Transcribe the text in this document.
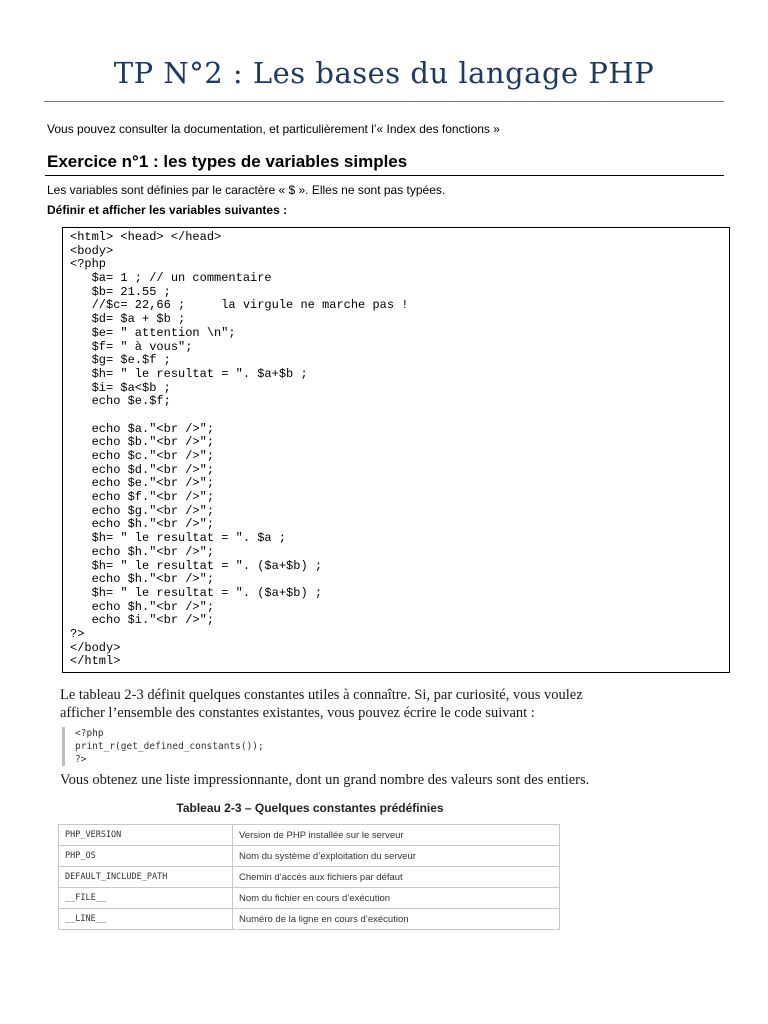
TP N°2 : Les bases du langage PHP
Vous pouvez consulter la documentation, et particulièrement l’« Index des fonctions »
Exercice n°1 : les types de variables simples
Les variables sont définies par le caractère « $ ». Elles ne sont pas typées.
Définir et afficher les variables suivantes :
<html> <head> </head>
<body>
<?php
$a= 1 ; // un commentaire
$b= 21.55 ;
//$c= 22,66 ;     la virgule ne marche pas !
$d= $a + $b ;
$e= " attention \n";
$f= " à vous";
$g= $e.$f ;
$h= " le resultat = ". $a+$b ;
$i= $a<$b ;
echo $e.$f;
echo $a."<br />";
echo $b."<br />";
echo $c."<br />";
echo $d."<br />";
echo $e."<br />";
echo $f."<br />";
echo $g."<br />";
echo $h."<br />";
$h= " le resultat = ". $a ;
echo $h."<br />";
$h= " le resultat = ". ($a+$b) ;
echo $h."<br />";
$h= " le resultat = ". ($a+$b) ;
echo $h."<br />";
echo $i."<br />";
?>
</body>
</html>
Le tableau 2-3 définit quelques constantes utiles à connaître. Si, par curiosité, vous voulez
afficher l’ensemble des constantes existantes, vous pouvez écrire le code suivant :
<?php
print_r(get_defined_constants());
?>
Vous obtenez une liste impressionnante, dont un grand nombre des valeurs sont des entiers.
Tableau 2-3 – Quelques constantes prédéfinies
PHP_VERSION	Version de PHP installée sur le serveur
PHP_OS	Nom du système d’exploitation du serveur
DEFAULT_INCLUDE_PATH	Chemin d’accès aux fichiers par défaut
__FILE__	Nom du fichier en cours d’exécution
__LINE__	Numéro de la ligne en cours d’exécution
